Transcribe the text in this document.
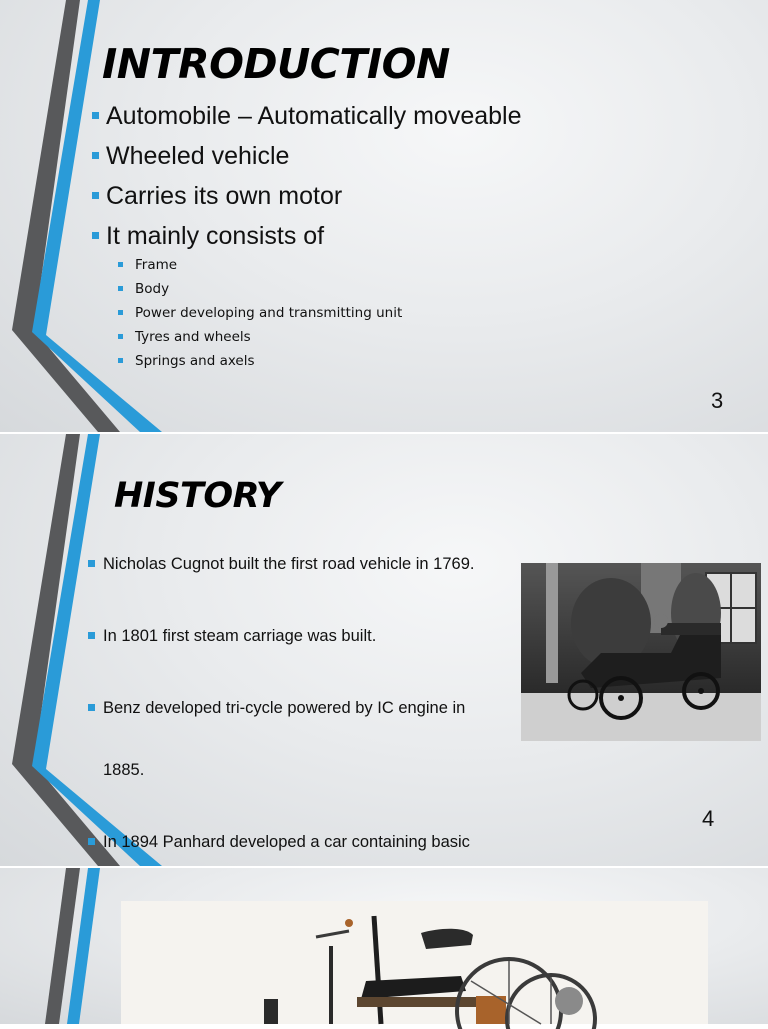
INTRODUCTION
Automobile – Automatically moveable
Wheeled vehicle
Carries its own motor
It mainly consists of
Frame
Body
Power developing and transmitting unit
Tyres and wheels
Springs and axels
3
HISTORY
Nicholas Cugnot built the first road vehicle in 1769.
In 1801 first steam carriage was built.
Benz developed tri-cycle powered by IC engine in
1885.
In 1894 Panhard developed a car containing basic
4
